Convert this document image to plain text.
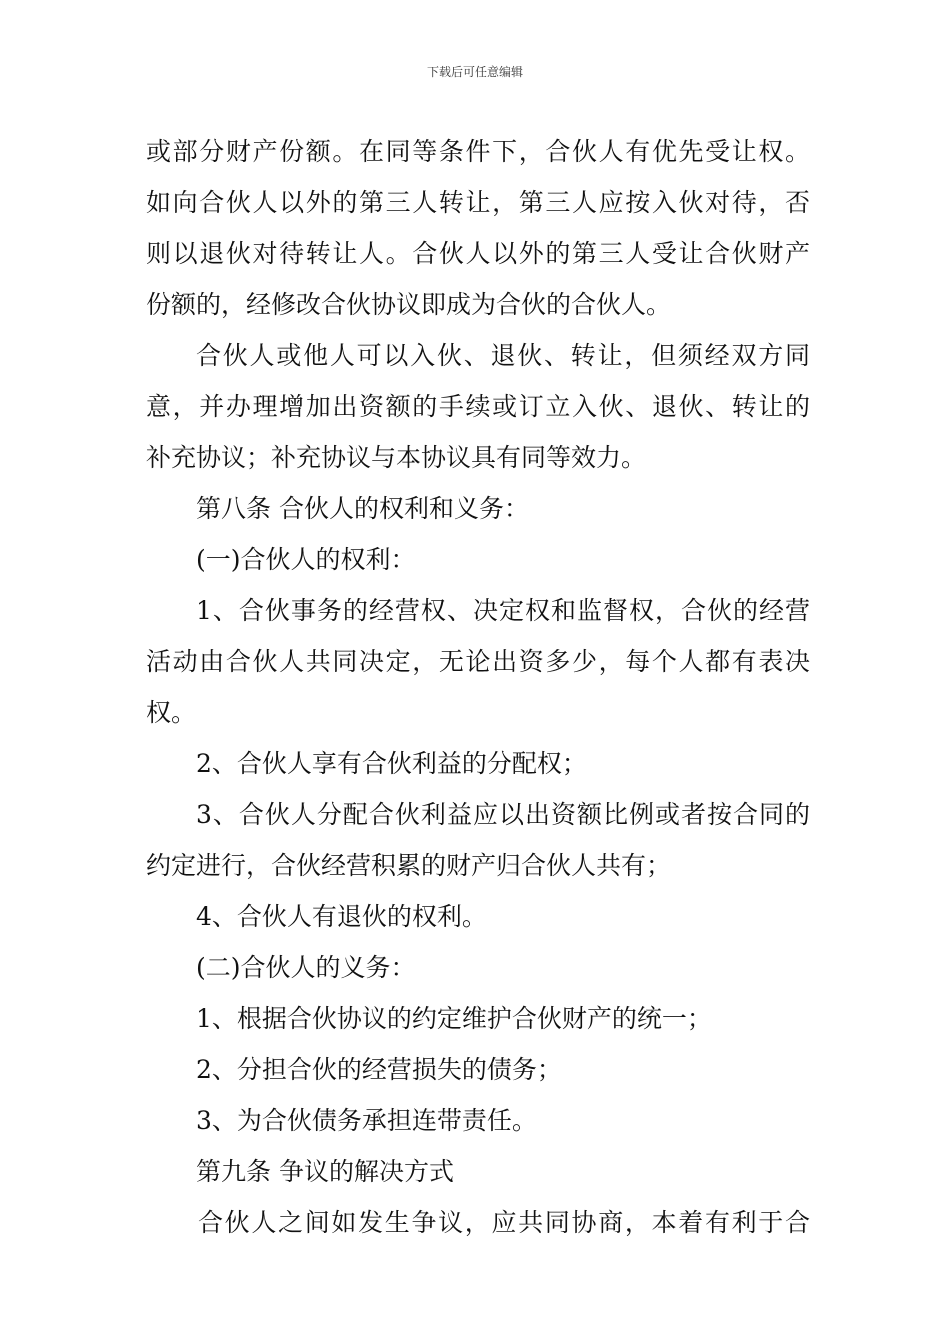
下载后可任意编辑
或部分财产份额。在同等条件下，合伙人有优先受让权。
如向合伙人以外的第三人转让，第三人应按入伙对待，否
则以退伙对待转让人。合伙人以外的第三人受让合伙财产
份额的，经修改合伙协议即成为合伙的合伙人。
合伙人或他人可以入伙、退伙、转让，但须经双方同
意，并办理增加出资额的手续或订立入伙、退伙、转让的
补充协议；补充协议与本协议具有同等效力。
第八条 合伙人的权利和义务：
(一)合伙人的权利：
1、合伙事务的经营权、决定权和监督权，合伙的经营
活动由合伙人共同决定，无论出资多少，每个人都有表决
权。
2、合伙人享有合伙利益的分配权；
3、合伙人分配合伙利益应以出资额比例或者按合同的
约定进行，合伙经营积累的财产归合伙人共有；
4、合伙人有退伙的权利。
(二)合伙人的义务：
1、根据合伙协议的约定维护合伙财产的统一；
2、分担合伙的经营损失的债务；
3、为合伙债务承担连带责任。
第九条 争议的解决方式
合伙人之间如发生争议，应共同协商，本着有利于合
